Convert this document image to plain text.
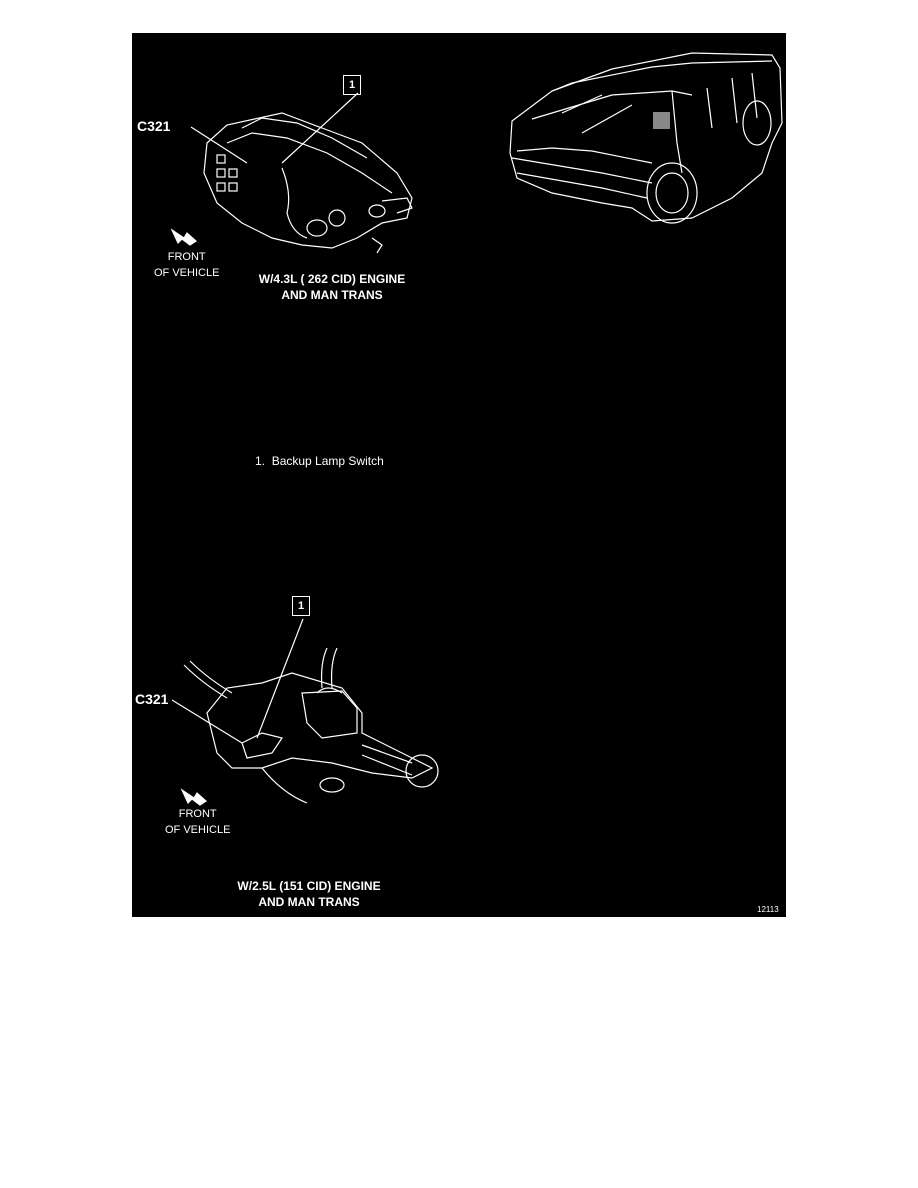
C321
1
FRONT
OF VEHICLE	W/4.3L ( 262 CID) ENGINE
AND MAN TRANS
1. Backup Lamp Switch
C321
1
FRONT
OF VEHICLE
W/2.5L (151 CID) ENGINE
AND MAN TRANS
12113
